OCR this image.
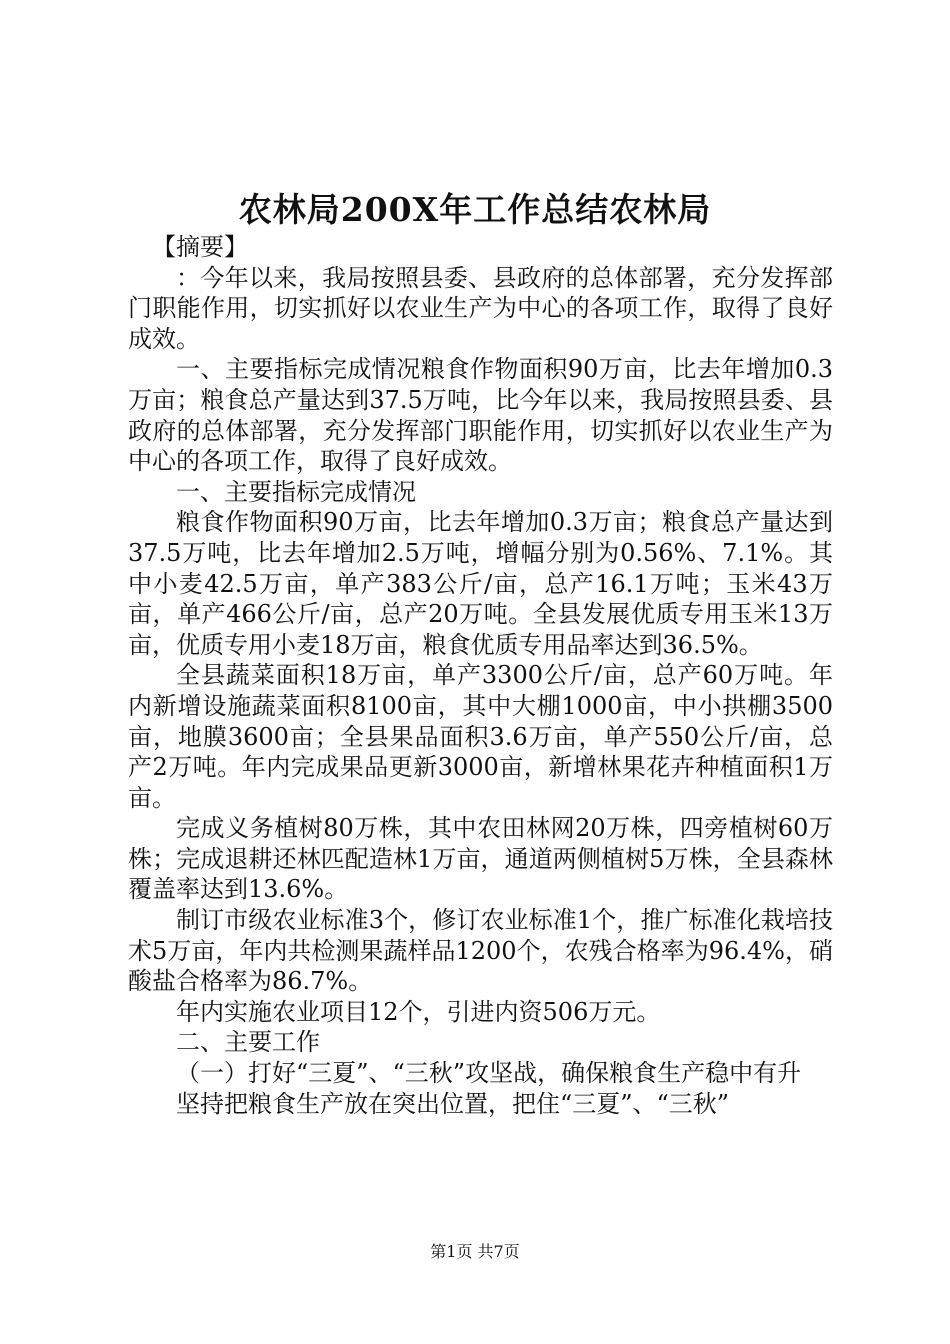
农林局200X年工作总结农林局

【摘要】

：今年以来，我局按照县委、县政府的总体部署，充分发挥部门职能作用，切实抓好以农业生产为中心的各项工作，取得了良好成效。

一、主要指标完成情况粮食作物面积90万亩，比去年增加0.3万亩；粮食总产量达到37.5万吨，比今年以来，我局按照县委、县政府的总体部署，充分发挥部门职能作用，切实抓好以农业生产为中心的各项工作，取得了良好成效。

一、主要指标完成情况

粮食作物面积90万亩，比去年增加0.3万亩；粮食总产量达到37.5万吨，比去年增加2.5万吨，增幅分别为0.56%、7.1%。其中小麦42.5万亩，单产383公斤/亩，总产16.1万吨；玉米43万亩，单产466公斤/亩，总产20万吨。全县发展优质专用玉米13万亩，优质专用小麦18万亩，粮食优质专用品率达到36.5%。

全县蔬菜面积18万亩，单产3300公斤/亩，总产60万吨。年内新增设施蔬菜面积8100亩，其中大棚1000亩，中小拱棚3500亩，地膜3600亩；全县果品面积3.6万亩，单产550公斤/亩，总产2万吨。年内完成果品更新3000亩，新增林果花卉种植面积1万亩。

完成义务植树80万株，其中农田林网20万株，四旁植树60万株；完成退耕还林匹配造林1万亩，通道两侧植树5万株，全县森林覆盖率达到13.6%。

制订市级农业标准3个，修订农业标准1个，推广标准化栽培技术5万亩，年内共检测果蔬样品1200个，农残合格率为96.4%，硝酸盐合格率为86.7%。

年内实施农业项目12个，引进内资506万元。

二、主要工作

（一）打好“三夏”、“三秋”攻坚战，确保粮食生产稳中有升

坚持把粮食生产放在突出位置，把住“三夏”、“三秋”

第1页 共7页
